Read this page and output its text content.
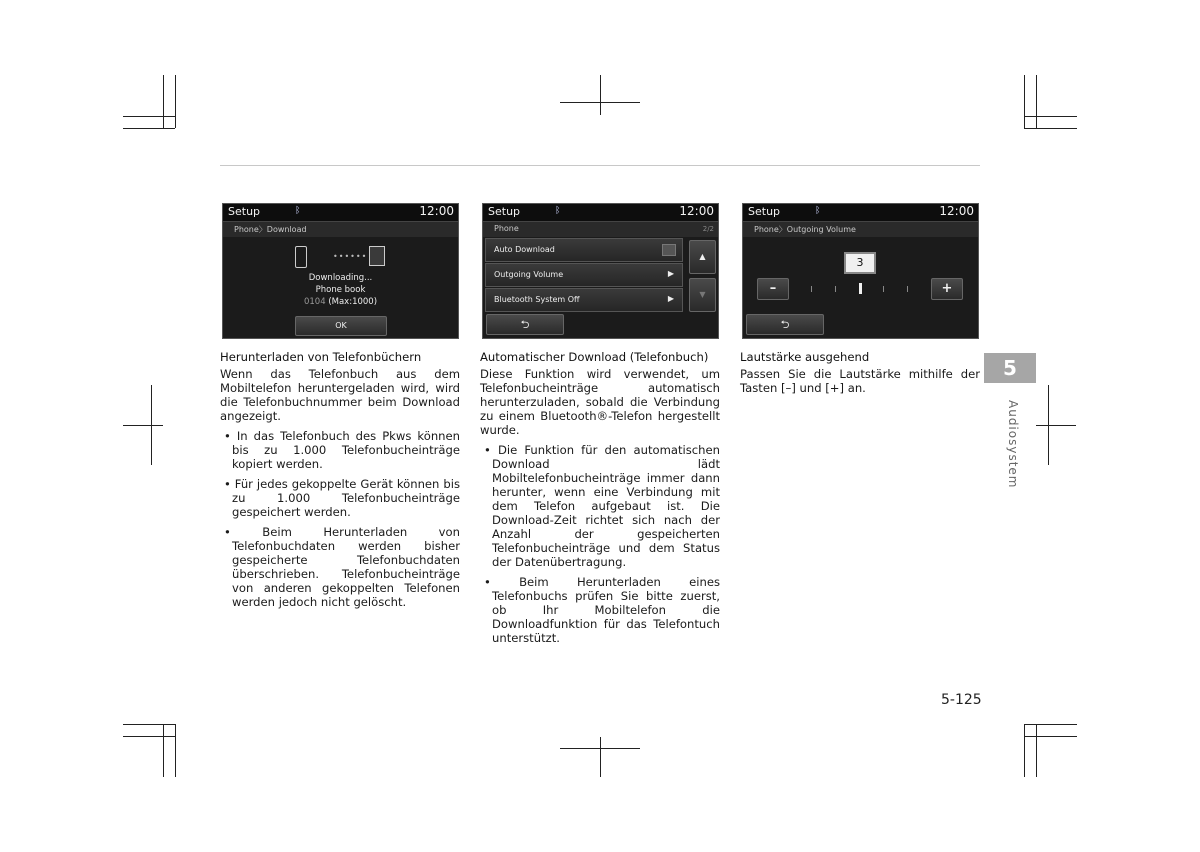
Setup	ᛒ	12:00
Phone〉Download
••••••
Downloading...
Phone book
0104 (Max:1000)
OK
Setup	ᛒ	12:00
Phone	2/2
Auto Download
Outgoing Volume	▶
Bluetooth System Off	▶
▲
▼
⮌
Setup	ᛒ	12:00
Phone〉Outgoing Volume
3
–	+
⮌
Herunterladen von Telefonbüchern
Wenn das Telefonbuch aus dem Mobiltelefon heruntergeladen wird, wird die Telefonbuchnummer beim Download angezeigt.
• In das Telefonbuch des Pkws können bis zu 1.000 Telefonbucheinträge kopiert werden.
• Für jedes gekoppelte Gerät können bis zu 1.000 Telefonbucheinträge gespeichert werden.
• Beim Herunterladen von Telefonbuchdaten werden bisher gespeicherte Telefonbuchdaten überschrieben. Telefonbucheinträge von anderen gekoppelten Telefonen werden jedoch nicht gelöscht.
Automatischer Download (Telefonbuch)
Diese Funktion wird verwendet, um Telefonbucheinträge automatisch herunterzuladen, sobald die Verbindung zu einem Bluetooth®-Telefon hergestellt wurde.
• Die Funktion für den automatischen Download lädt Mobiltelefonbucheinträge immer dann herunter, wenn eine Verbindung mit dem Telefon aufgebaut ist. Die Download-Zeit richtet sich nach der Anzahl der gespeicherten Telefonbucheinträge und dem Status der Datenübertragung.
• Beim Herunterladen eines Telefonbuchs prüfen Sie bitte zuerst, ob Ihr Mobiltelefon die Downloadfunktion für das Telefontuch unterstützt.
Lautstärke ausgehend
Passen Sie die Lautstärke mithilfe der Tasten [–] und [+] an.
5
Audiosystem
5-125
